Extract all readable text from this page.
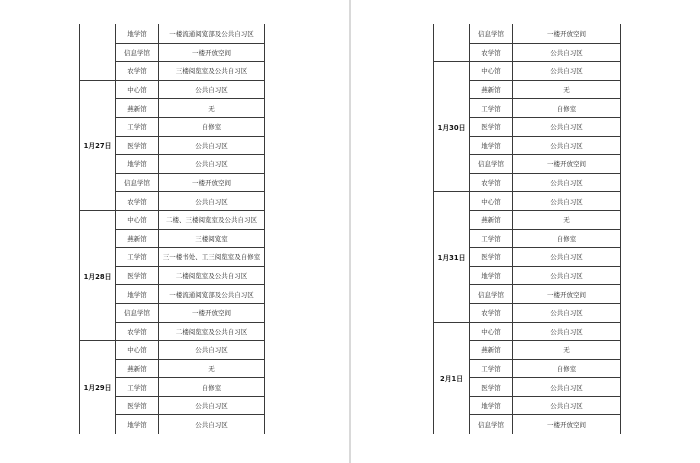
	地学馆	一楼流通阅览部及公共自习区
	信息学馆	一楼开放空间
	农学馆	三楼阅览室及公共自习区
1月27日	中心馆	公共自习区
	燕新馆	无
	工学馆	自修室
	医学馆	公共自习区
	地学馆	公共自习区
	信息学馆	一楼开放空间
	农学馆	公共自习区
1月28日	中心馆	二楼、三楼阅览室及公共自习区
	燕新馆	三楼阅览室
	工学馆	三一楼书处、工三阅览室及自修室
	医学馆	二楼阅览室及公共自习区
	地学馆	一楼流通阅览部及公共自习区
	信息学馆	一楼开放空间
	农学馆	二楼阅览室及公共自习区
1月29日	中心馆	公共自习区
	燕新馆	无
	工学馆	自修室
	医学馆	公共自习区
	地学馆	公共自习区
	信息学馆	一楼开放空间
	农学馆	公共自习区
1月30日	中心馆	公共自习区
	燕新馆	无
	工学馆	自修室
	医学馆	公共自习区
	地学馆	公共自习区
	信息学馆	一楼开放空间
	农学馆	公共自习区
1月31日	中心馆	公共自习区
	燕新馆	无
	工学馆	自修室
	医学馆	公共自习区
	地学馆	公共自习区
	信息学馆	一楼开放空间
	农学馆	公共自习区
2月1日	中心馆	公共自习区
	燕新馆	无
	工学馆	自修室
	医学馆	公共自习区
	地学馆	公共自习区
	信息学馆	一楼开放空间
